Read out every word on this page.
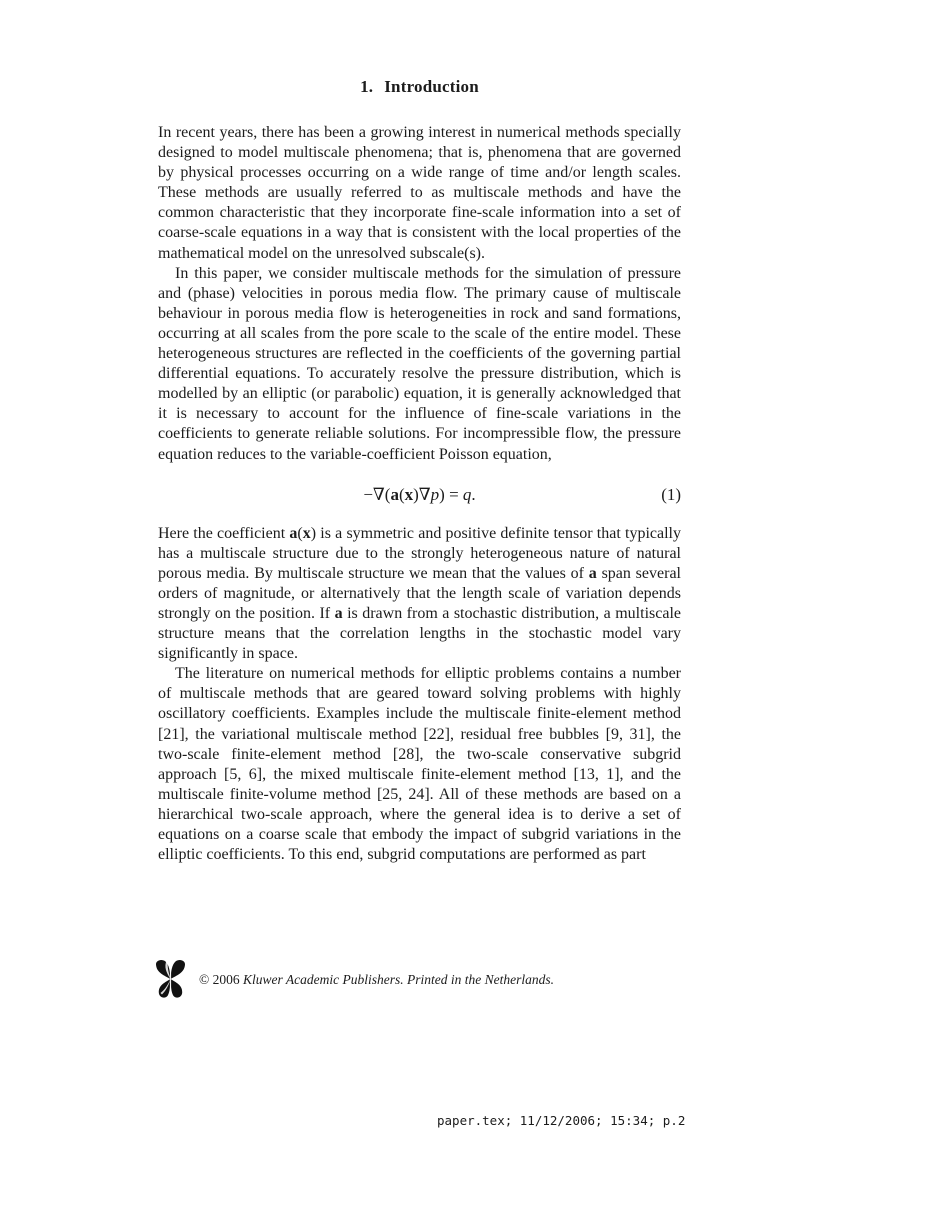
1. Introduction

In recent years, there has been a growing interest in numerical methods specially designed to model multiscale phenomena; that is, phenomena that are governed by physical processes occurring on a wide range of time and/or length scales. These methods are usually referred to as multiscale methods and have the common characteristic that they incorporate fine-scale information into a set of coarse-scale equations in a way that is consistent with the local properties of the mathematical model on the unresolved subscale(s).

In this paper, we consider multiscale methods for the simulation of pressure and (phase) velocities in porous media flow. The primary cause of multiscale behaviour in porous media flow is heterogeneities in rock and sand formations, occurring at all scales from the pore scale to the scale of the entire model. These heterogeneous structures are reflected in the coefficients of the governing partial differential equations. To accurately resolve the pressure distribution, which is modelled by an elliptic (or parabolic) equation, it is generally acknowledged that it is necessary to account for the influence of fine-scale variations in the coefficients to generate reliable solutions. For incompressible flow, the pressure equation reduces to the variable-coefficient Poisson equation,

−∇(a(x)∇p) = q.	(1)

Here the coefficient a(x) is a symmetric and positive definite tensor that typically has a multiscale structure due to the strongly heterogeneous nature of natural porous media. By multiscale structure we mean that the values of a span several orders of magnitude, or alternatively that the length scale of variation depends strongly on the position. If a is drawn from a stochastic distribution, a multiscale structure means that the correlation lengths in the stochastic model vary significantly in space.

The literature on numerical methods for elliptic problems contains a number of multiscale methods that are geared toward solving problems with highly oscillatory coefficients. Examples include the multiscale finite-element method [21], the variational multiscale method [22], residual free bubbles [9, 31], the two-scale finite-element method [28], the two-scale conservative subgrid approach [5, 6], the mixed multiscale finite-element method [13, 1], and the multiscale finite-volume method [25, 24]. All of these methods are based on a hierarchical two-scale approach, where the general idea is to derive a set of equations on a coarse scale that embody the impact of subgrid variations in the elliptic coefficients. To this end, subgrid computations are performed as part

© 2006 Kluwer Academic Publishers. Printed in the Netherlands.
paper.tex; 11/12/2006; 15:34; p.2
